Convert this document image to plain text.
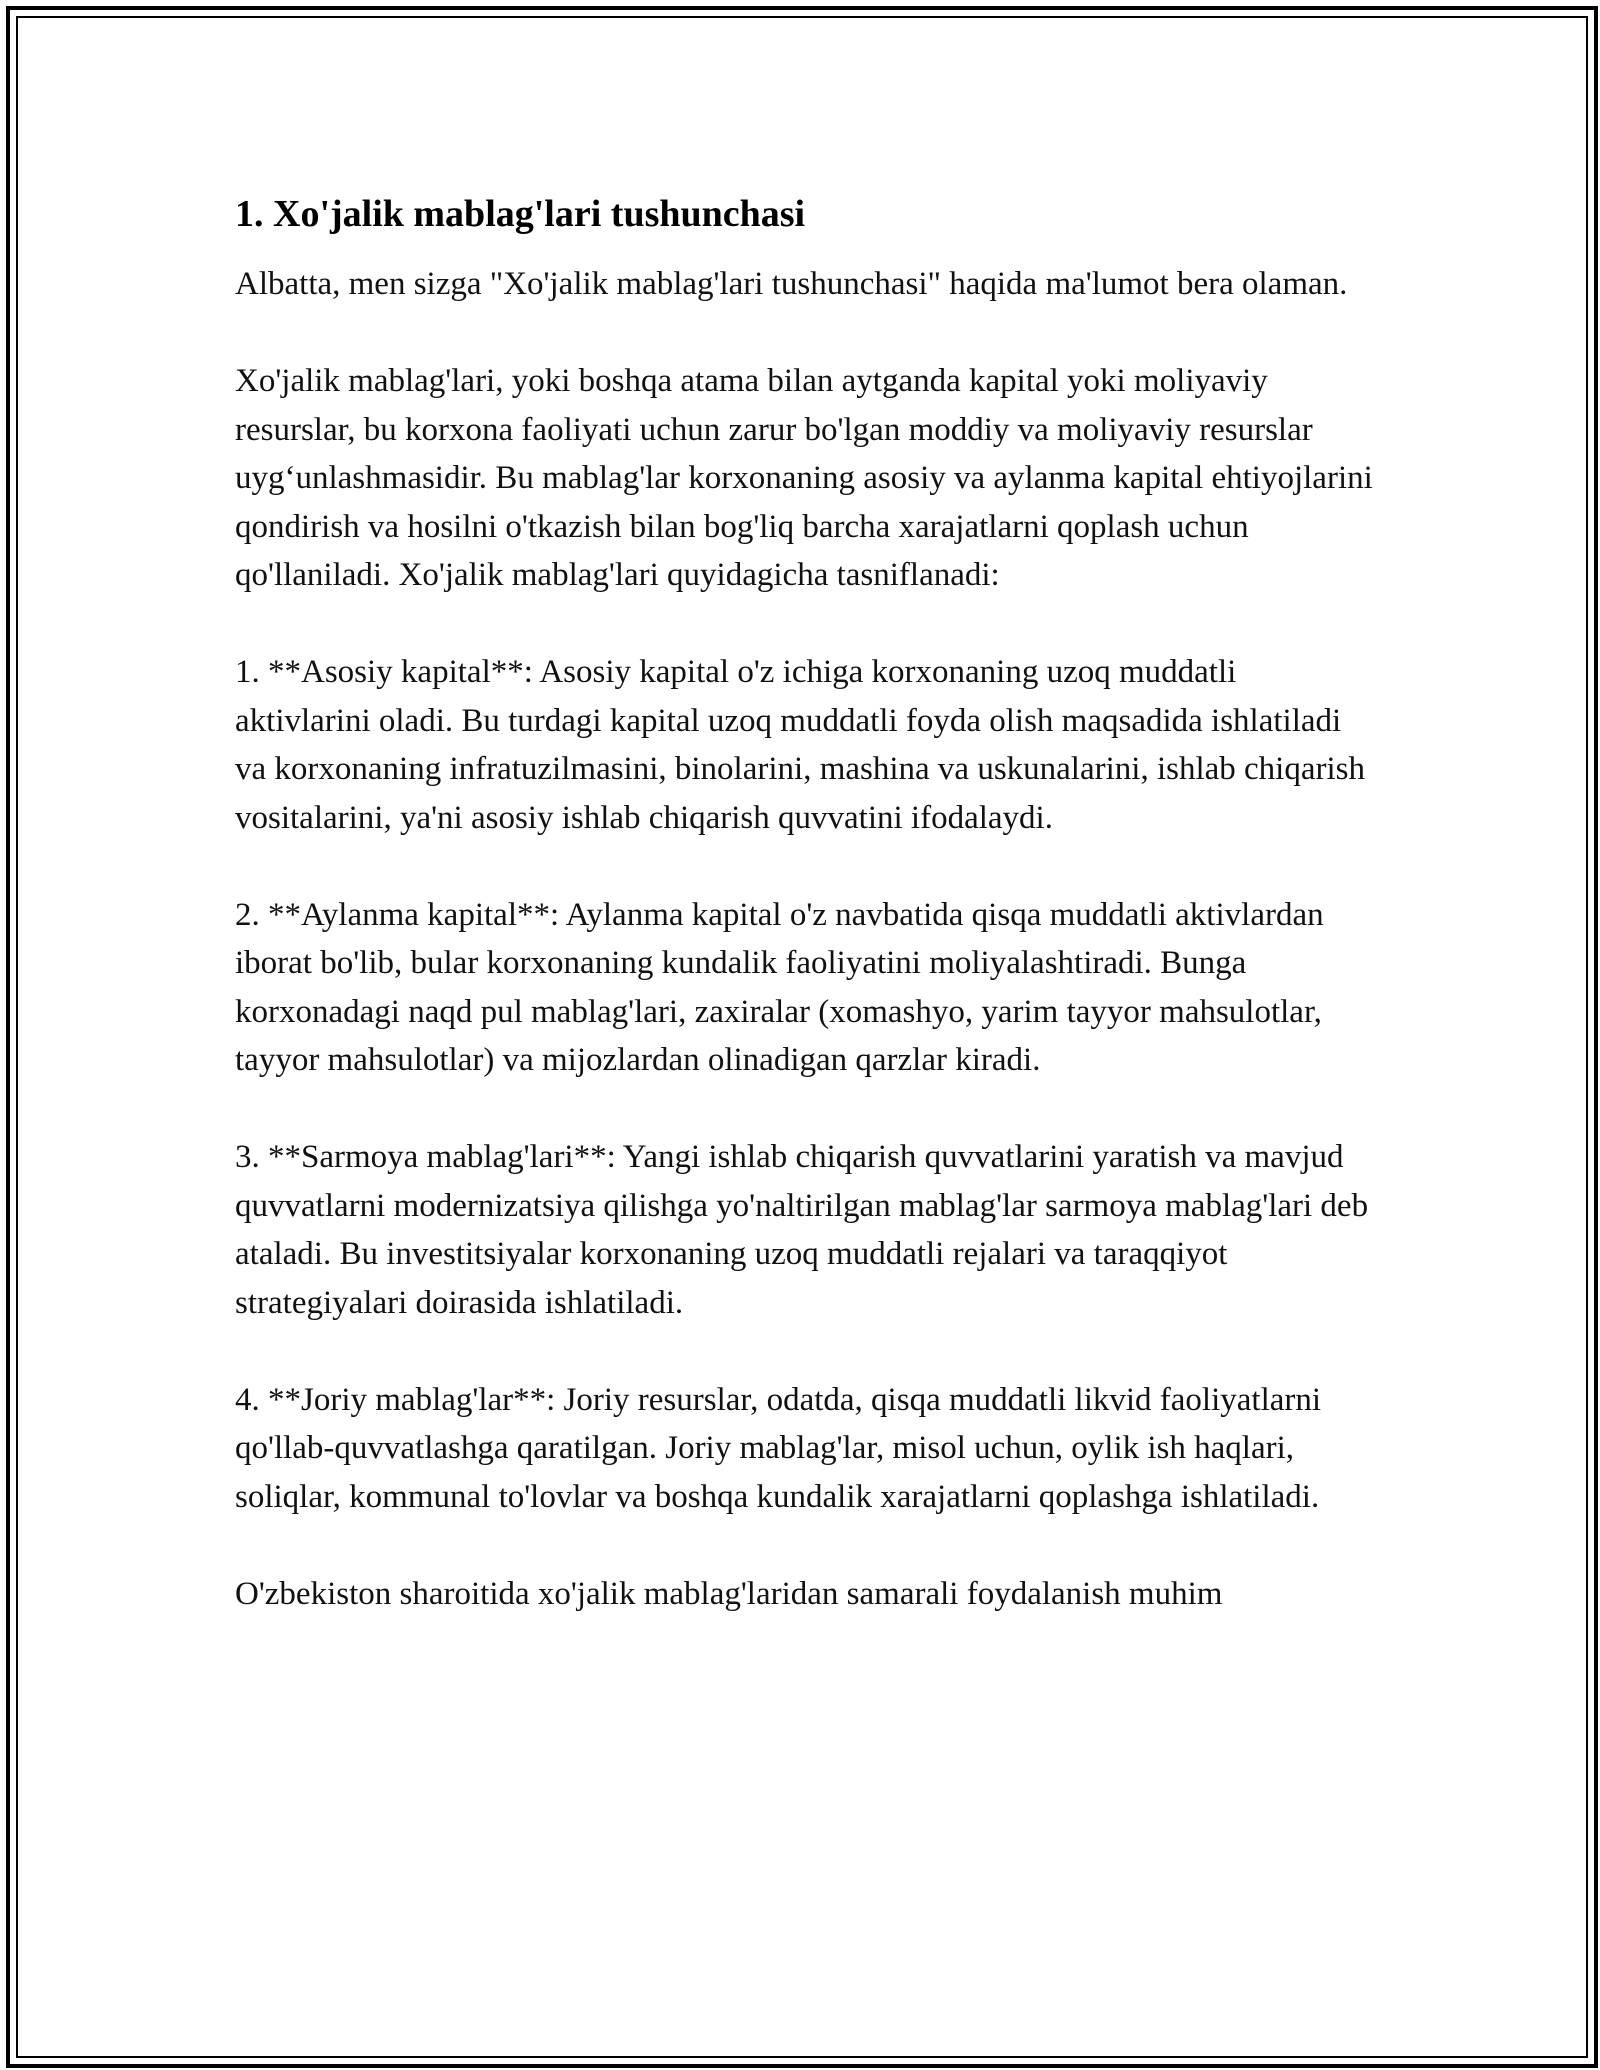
1. Xo'jalik mablag'lari tushunchasi

Albatta, men sizga "Xo'jalik mablag'lari tushunchasi" haqida ma'lumot bera olaman.

Xo'jalik mablag'lari, yoki boshqa atama bilan aytganda kapital yoki moliyaviy resurslar, bu korxona faoliyati uchun zarur bo'lgan moddiy va moliyaviy resurslar uyg‘unlashmasidir. Bu mablag'lar korxonaning asosiy va aylanma kapital ehtiyojlarini qondirish va hosilni o'tkazish bilan bog'liq barcha xarajatlarni qoplash uchun qo'llaniladi. Xo'jalik mablag'lari quyidagicha tasniflanadi:

1. **Asosiy kapital**: Asosiy kapital o'z ichiga korxonaning uzoq muddatli aktivlarini oladi. Bu turdagi kapital uzoq muddatli foyda olish maqsadida ishlatiladi va korxonaning infratuzilmasini, binolarini, mashina va uskunalarini, ishlab chiqarish vositalarini, ya'ni asosiy ishlab chiqarish quvvatini ifodalaydi.

2. **Aylanma kapital**: Aylanma kapital o'z navbatida qisqa muddatli aktivlardan iborat bo'lib, bular korxonaning kundalik faoliyatini moliyalashtiradi. Bunga korxonadagi naqd pul mablag'lari, zaxiralar (xomashyo, yarim tayyor mahsulotlar, tayyor mahsulotlar) va mijozlardan olinadigan qarzlar kiradi.

3. **Sarmoya mablag'lari**: Yangi ishlab chiqarish quvvatlarini yaratish va mavjud quvvatlarni modernizatsiya qilishga yo'naltirilgan mablag'lar sarmoya mablag'lari deb ataladi. Bu investitsiyalar korxonaning uzoq muddatli rejalari va taraqqiyot strategiyalari doirasida ishlatiladi.

4. **Joriy mablag'lar**: Joriy resurslar, odatda, qisqa muddatli likvid faoliyatlarni qo'llab-quvvatlashga qaratilgan. Joriy mablag'lar, misol uchun, oylik ish haqlari, soliqlar, kommunal to'lovlar va boshqa kundalik xarajatlarni qoplashga ishlatiladi.

O'zbekiston sharoitida xo'jalik mablag'laridan samarali foydalanish muhim
